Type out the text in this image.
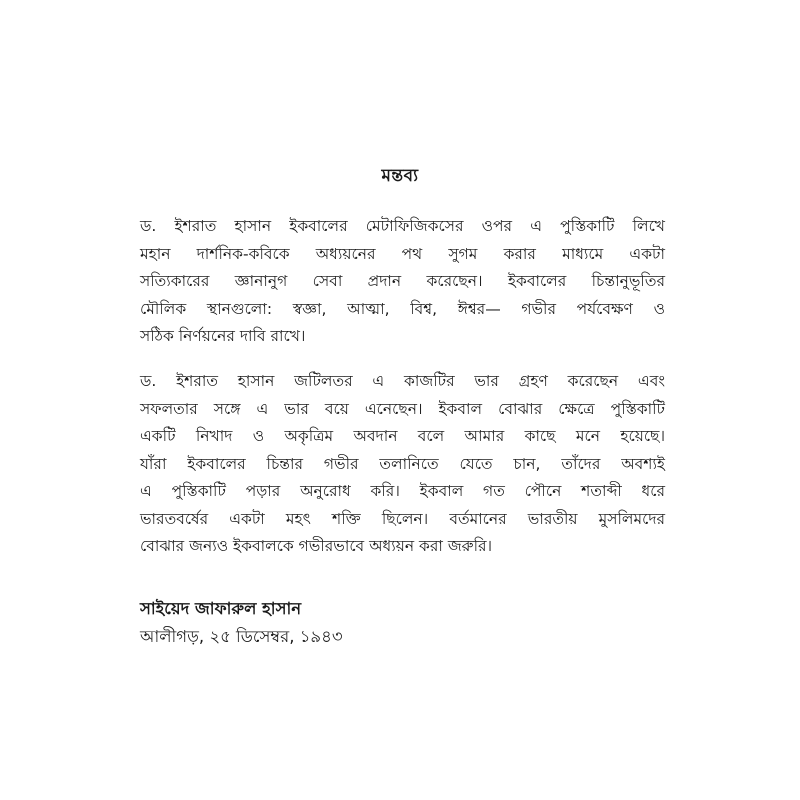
মন্তব্য
ড. ইশরাত হাসান ইকবালের মেটাফিজিকসের ওপর এ পুস্তিকাটি লিখে
মহান দার্শনিক-কবিকে অধ্যয়নের পথ সুগম করার মাধ্যমে একটা
সত্যিকারের জ্ঞানানুগ সেবা প্রদান করেছেন। ইকবালের চিন্তানুভূতির
মৌলিক স্থানগুলো: স্বজ্ঞা, আত্মা, বিশ্ব, ঈশ্বর— গভীর পর্যবেক্ষণ ও
সঠিক নির্ণয়নের দাবি রাখে।
ড. ইশরাত হাসান জটিলতর এ কাজটির ভার গ্রহণ করেছেন এবং
সফলতার সঙ্গে এ ভার বয়ে এনেছেন। ইকবাল বোঝার ক্ষেত্রে পুস্তিকাটি
একটি নিখাদ ও অকৃত্রিম অবদান বলে আমার কাছে মনে হয়েছে।
যাঁরা ইকবালের চিন্তার গভীর তলানিতে যেতে চান, তাঁদের অবশ্যই
এ পুস্তিকাটি পড়ার অনুরোধ করি। ইকবাল গত পৌনে শতাব্দী ধরে
ভারতবর্ষের একটা মহৎ শক্তি ছিলেন। বর্তমানের ভারতীয় মুসলিমদের
বোঝার জন্যও ইকবালকে গভীরভাবে অধ্যয়ন করা জরুরি।
সাইয়েদ জাফারুল হাসান
আলীগড়, ২৫ ডিসেম্বর, ১৯৪৩
